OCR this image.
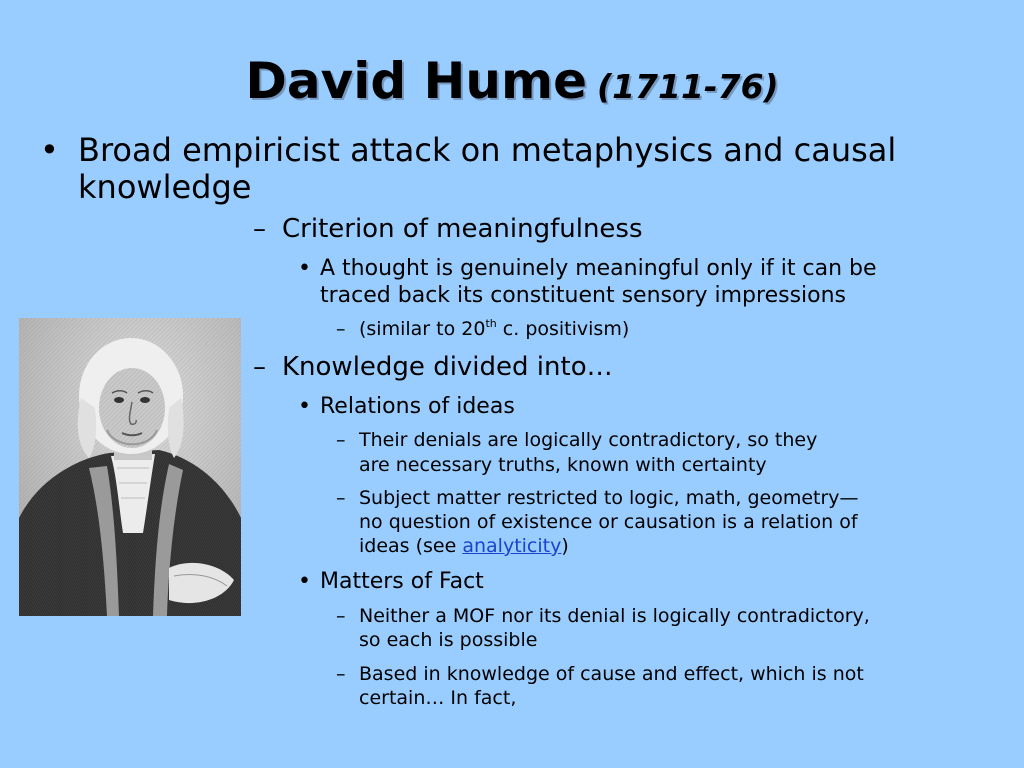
David Hume (1711-76)
• Broad empiricist attack on metaphysics and causal
knowledge
– Criterion of meaningfulness
• A thought is genuinely meaningful only if it can be
traced back its constituent sensory impressions
– (similar to 20th c. positivism)
– Knowledge divided into…
• Relations of ideas
– Their denials are logically contradictory, so they
are necessary truths, known with certainty
– Subject matter restricted to logic, math, geometry—
no question of existence or causation is a relation of
ideas (see analyticity)
• Matters of Fact
– Neither a MOF nor its denial is logically contradictory,
so each is possible
– Based in knowledge of cause and effect, which is not
certain… In fact,
